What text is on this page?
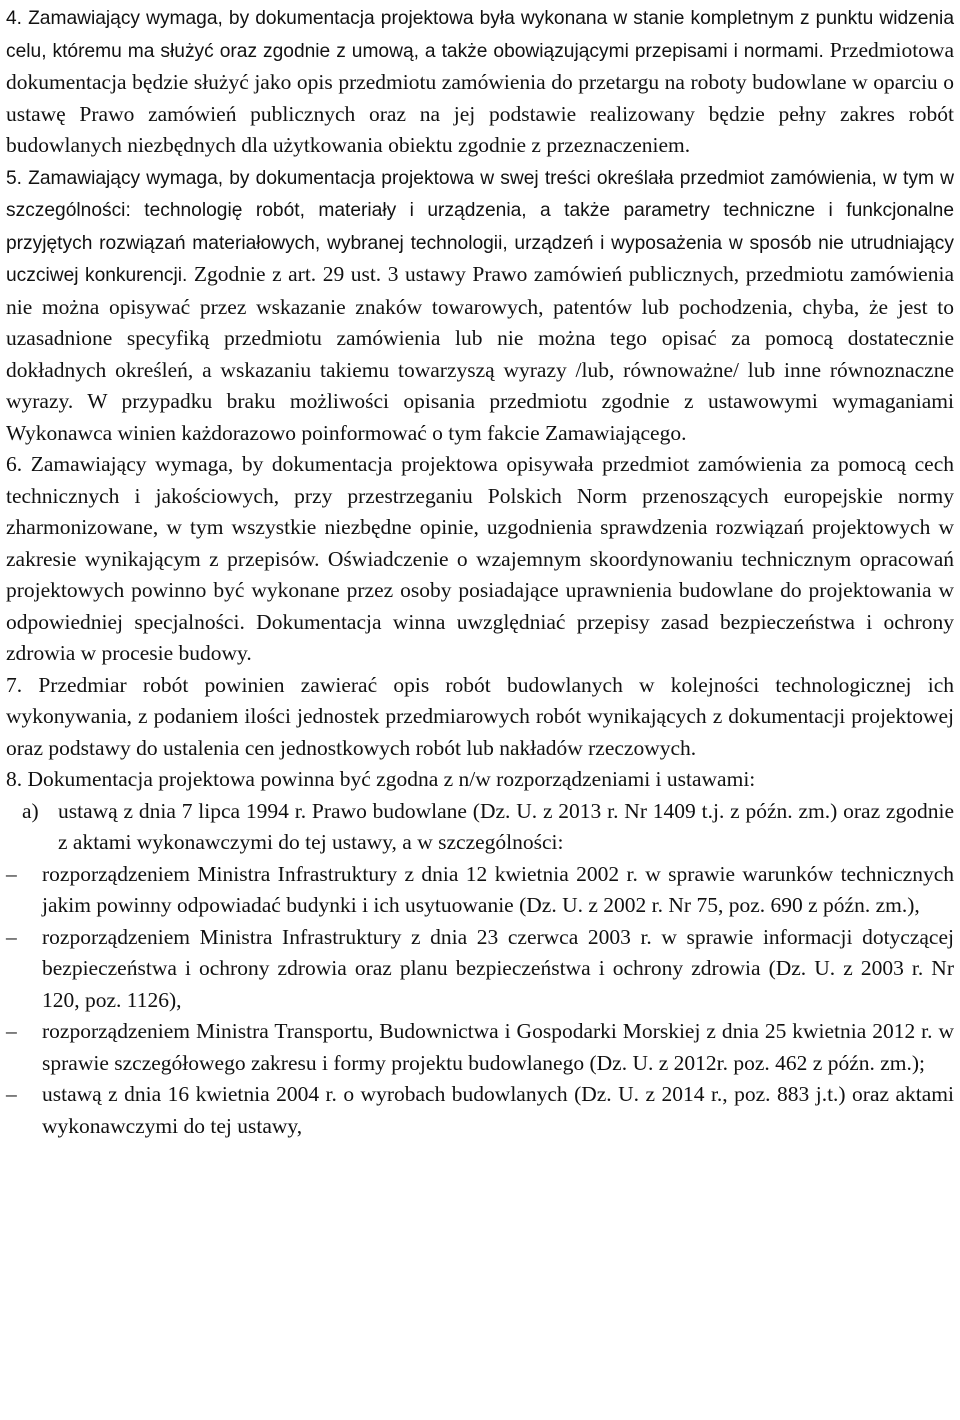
4. Zamawiający wymaga, by dokumentacja projektowa była wykonana w stanie kompletnym z punktu widzenia celu, któremu ma służyć oraz zgodnie z umową, a także obowiązującymi przepisami i normami. Przedmiotowa dokumentacja będzie służyć jako opis przedmiotu zamówienia do przetargu na roboty budowlane w oparciu o ustawę Prawo zamówień publicznych oraz na jej podstawie realizowany będzie pełny zakres robót budowlanych niezbędnych dla użytkowania obiektu zgodnie z przeznaczeniem.

5. Zamawiający wymaga, by dokumentacja projektowa w swej treści określała przedmiot zamówienia, w tym w szczególności: technologię robót, materiały i urządzenia, a także parametry techniczne i funkcjonalne przyjętych rozwiązań materiałowych, wybranej technologii, urządzeń i wyposażenia w sposób nie utrudniający uczciwej konkurencji. Zgodnie z art. 29 ust. 3 ustawy Prawo zamówień publicznych, przedmiotu zamówienia nie można opisywać przez wskazanie znaków towarowych, patentów lub pochodzenia, chyba, że jest to uzasadnione specyfiką przedmiotu zamówienia lub nie można tego opisać za pomocą dostatecznie dokładnych określeń, a wskazaniu takiemu towarzyszą wyrazy /lub, równoważne/ lub inne równoznaczne wyrazy. W przypadku braku możliwości opisania przedmiotu zgodnie z ustawowymi wymaganiami Wykonawca winien każdorazowo poinformować o tym fakcie Zamawiającego.

6. Zamawiający wymaga, by dokumentacja projektowa opisywała przedmiot zamówienia za pomocą cech technicznych i jakościowych, przy przestrzeganiu Polskich Norm przenoszących europejskie normy zharmonizowane, w tym wszystkie niezbędne opinie, uzgodnienia sprawdzenia rozwiązań projektowych w zakresie wynikającym z przepisów. Oświadczenie o wzajemnym skoordynowaniu technicznym opracowań projektowych powinno być wykonane przez osoby posiadające uprawnienia budowlane do projektowania w odpowiedniej specjalności. Dokumentacja winna uwzględniać przepisy zasad bezpieczeństwa i ochrony zdrowia w procesie budowy.

7. Przedmiar robót powinien zawierać opis robót budowlanych w kolejności technologicznej ich wykonywania, z podaniem ilości jednostek przedmiarowych robót wynikających z dokumentacji projektowej oraz podstawy do ustalenia cen jednostkowych robót lub nakładów rzeczowych.

8. Dokumentacja projektowa powinna być zgodna z n/w rozporządzeniami i ustawami:

a) ustawą z dnia 7 lipca 1994 r. Prawo budowlane (Dz. U. z 2013 r. Nr 1409 t.j. z późn. zm.) oraz zgodnie z aktami wykonawczymi do tej ustawy, a w szczególności:
–	rozporządzeniem Ministra Infrastruktury z dnia 12 kwietnia 2002 r. w sprawie warunków technicznych jakim powinny odpowiadać budynki i ich usytuowanie (Dz. U. z 2002 r. Nr 75, poz. 690 z późn. zm.),
–	rozporządzeniem Ministra Infrastruktury z dnia 23 czerwca 2003 r. w sprawie informacji dotyczącej bezpieczeństwa i ochrony zdrowia oraz planu bezpieczeństwa i ochrony zdrowia (Dz. U. z 2003 r. Nr 120, poz. 1126),
–	rozporządzeniem Ministra Transportu, Budownictwa i Gospodarki Morskiej z dnia 25 kwietnia 2012 r. w sprawie szczegółowego zakresu i formy projektu budowlanego (Dz. U. z 2012r. poz. 462 z późn. zm.);
–	ustawą z dnia 16 kwietnia 2004 r. o wyrobach budowlanych (Dz. U. z 2014 r., poz. 883 j.t.) oraz aktami wykonawczymi do tej ustawy,
